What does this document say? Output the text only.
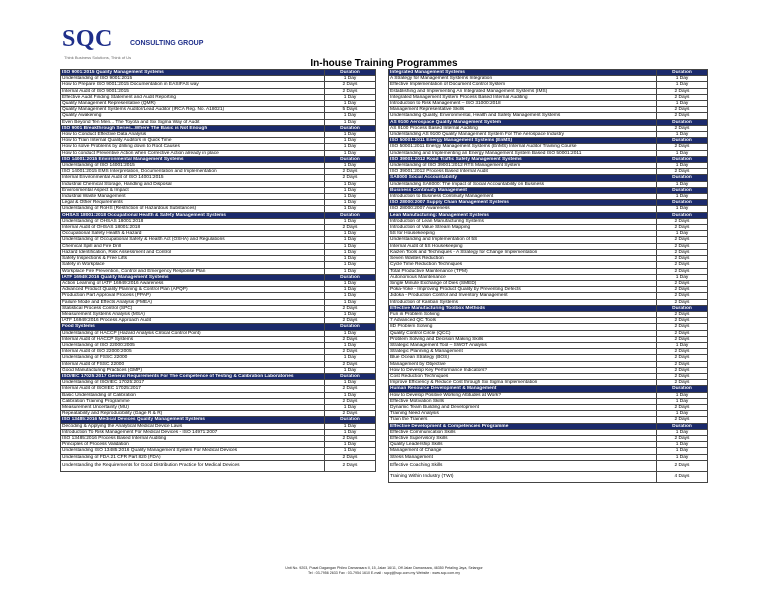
SQC CONSULTING GROUP
Think Business Solutions, Think of Us
In-house Training Programmes
ISO 9001:2015 Quality Management Systems	Duration
Understanding of ISO 9001:2015	1 Day
How to Prepare ISO 9001:2015 Documentation in EASIFAS way	2 Days
Internal Audit of ISO 9001:2015	2 Days
Effective Audit Finding Statement and Audit Reporting	1 Day
Quality Management Representative (QMR)	1 Day
Quality Management Systems Auditor/Lead Auditor (IRCA Reg. No. A18021)	5 Days
Quality Awakening	1 Day
Even Beyond Ten Men... The Toyota and Six Sigma Way of Audit	1 Day
ISO 9001 Breakthrough Series...Where The Basic is Not Enough	Duration
How to Conduct Effective Data Analysis	1 Day
How to Train Internal Quality Auditors in Quick Time	1 Day
How to solve Problems by drilling down to Root Causes	1 Day
How to conduct Preventive Action when Corrective Action already in place	1 Day
ISO 14001:2015 Environmental Management Systems	Duration
Understanding of ISO 14001:2015	1 Day
ISO 14001:2015 EMS Interpretation, Documentation and Implementation	2 Days
Internal Environmental Audit of ISO 14001:2015	2 Days
Industrial Chemical Storage, Handling and Disposal	1 Day
Environmental Aspect & Impact	1 Day
Industrial Waste Management	1 Day
Legal & Other Requirements	1 Day
Understanding of RoHS (Restriction of Hazardous Substances)	1 Day
OHSAS 18001:2018 Occupational Health & Safety Management Systems	Duration
Understanding of OHSAS 18001:2018	1 Day
Internal Audit of OHSAS 18001:2018	2 Days
Occupational Safety Health & Hazard	1 Day
Understanding of Occupational Safety & Health Act (OSHA) and Regulations	1 Day
Chemical Spill and Fire Drill	1 Day
Hazard Identification, Risk Assessment and Control	1 Day
Safety Inspections & Free Lifts	1 Day
Safety in Workplace	1 Day
Workplace Fire Prevention, Control and Emergency Response Plan	1 Day
IATF 16949:2016 Quality Management Systems	Duration
Action Learning of IATF 16949:2016 Awareness	1 Day
Advanced Product Quality Planning & Control Plan (APQP)	1 Day
Production Part Approval Process (PPAP)	1 Day
Failure Mode and Effects Analysis (FMEA)	1 Day
Statistical Process Control (SPC)	2 Days
Measurement Systems Analysis (MSA)	1 Day
IATF 16949:2016 Process Approach Audit	2 Days
Food Systems	Duration
Understanding of HACCP (Hazard Analysis Critical Control Point)	1 Day
Internal Audit of HACCP Systems	2 Days
Understanding of ISO 22000:2005	1 Day
Internal Audit of ISO 22000:2005	2 Days
Understanding of FSSC 22000	1 Day
Internal Audit of FSSC 22000	2 Days
Good Manufacturing Practices (GMP)	1 Day
ISO/IEC 17025:2017 General Requirements For The Competence of Testing & Calibration Laboratories	Duration
Understanding of ISO/IEC 17025:2017	1 Day
Internal Audit of ISO/IEC 17025:2017	2 Days
Basic Understanding of Calibration	1 Day
Calibration Training Programme	2 Days
Measurement Uncertainty (MU)	1 Day
Repeatability and Reproducibility (Gage R & R)	2 Days
ISO 13485:2016 Medical Devices Quality Management Systems	Duration
Decoding & Applying the Analytical Medical Device Laws	1 Day
Introduction To Risk Management For Medical Devices - ISO 14971:2007	1 Day
ISO 13485:2016 Process Based Internal Auditing	2 Days
Principles of Process Validation	1 Day
Understanding ISO 13485:2016 Quality Management System For Medical Devices	1 Day
Understanding of FDA 21 CFR Part 820 (FDA)	2 Days
Understanding the Requirements for Good Distribution Practice for Medical Devices	2 Days
Integrated Management Systems	Duration
A Strategy for Management Systems Integration	1 Day
Effective Implementation of Document Control System	1 Day
Establishing and Implementing An Integrated Management Systems (IMS)	2 Days
Integrated Management System Process Based Internal Auditing	2 Days
Introduction to Risk Management – ISO 31000:2018	1 Day
Management Representative Skills	2 Days
Understanding Quality, Environmental, Health and Safety Management Systems	2 Days
AS 9100 Aerospace Quality Management System	Duration
AS 9100 Process Based Internal Auditing	2 Days
Understanding AS 9100 Quality Management System For The Aerospace Industry	1 Day
ISO 50001:2011 Energy Management Systems (EnMS)	Duration
ISO 50001:2011 Energy Management Systems (EnMS) Internal Auditor Training Course	2 Days
Understanding and Implementing an Energy Management System Based ISO 50001:2011	1 Day
ISO 39001:2012 Road Traffic Safety Management Systems	Duration
Understanding of ISO 39001:2012 RTS Management System	1 Day
ISO 39001:2012 Process Based Internal Audit	2 Days
SA8000 Social Accountability	Duration
Understanding SA8000: The Impact of Social Accountability on Business	1 Day
Business Continuity Management	Duration
Introduction to Business Continuity Management	1 Day
ISO 28000:2007 Supply Chain Management Systems	Duration
ISO 28000:2007 Awareness	1 Day
Lean Manufacturing: Management Systems	Duration
Introduction of Lean Manufacturing Systems	2 Days
Introduction of Value Stream Mapping	2 Days
5S for Housekeeping	1 Day
Understanding and Implementation of 5S	2 Days
Internal Audit of 5S Housekeeping	2 Days
Kaizen Tools and Techniques - A Strategy for Change Implementation	2 Days
Seven Wastes Reduction	2 Days
Cycle Time Reduction Techniques	2 Days
Total Productive Maintenance (TPM)	2 Days
Autonomous Maintenance	1 Day
Single Minute Exchange of Dies (SMED)	2 Days
Poka-Yoke - Improving Product Quality by Preventing Defects	2 Days
Jidoka - Production Control and Inventory Management	2 Days
Introduction of Kanban Systems	2 Days
Effective Manufacturing Toolbox Methods	Duration
Fun in Problem Solving	2 Days
7 Advanced QC Tools	2 Days
8D Problem Solving	2 Days
Quality Control Circle (QCC)	2 Days
Problem Solving and Decision Making Skills	2 Days
Strategic Management Tool – SWOT Analysis	1 Day
Strategic Planning & Management	2 Days
Blue Ocean Strategy (BOS)	2 Days
Management by Objective	2 Days
How to Develop Key Performance Indicators?	2 Days
Cost Reduction Techniques	2 Days
Improve Efficiency & Reduce Cost through Six Sigma Implementation	2 Days
Human Resource Development & Management	Duration
How to Develop Positive Working Attitudes at Work?	1 Day
Effective Motivation Skills	1 Day
Dynamic Team Building and Development	2 Days
Training Need Analysis	1 Day
Train the Trainers	2 Days
Effective Development & Competencies Programme	Duration
Effective Communication Skills	1 Day
Effective Supervisory Skills	2 Days
Quality Leadership Skills	1 Day
Management of Change	1 Day
Stress Management	1 Day
Effective Coaching Skills	2 Days
Training Within Industry (TWI)	4 Days
Unit No. 9203, Pusat Dagangan Phileo Damansara II, 15, Jalan 16/11, Off Jalan Damansara, 46350 Petaling Jaya, Selangor
Tel : 03-7956 2633 Fax : 03-7954 1610 E-mail : sqcpj@sqc.com.my Website : www.sqc.com.my
